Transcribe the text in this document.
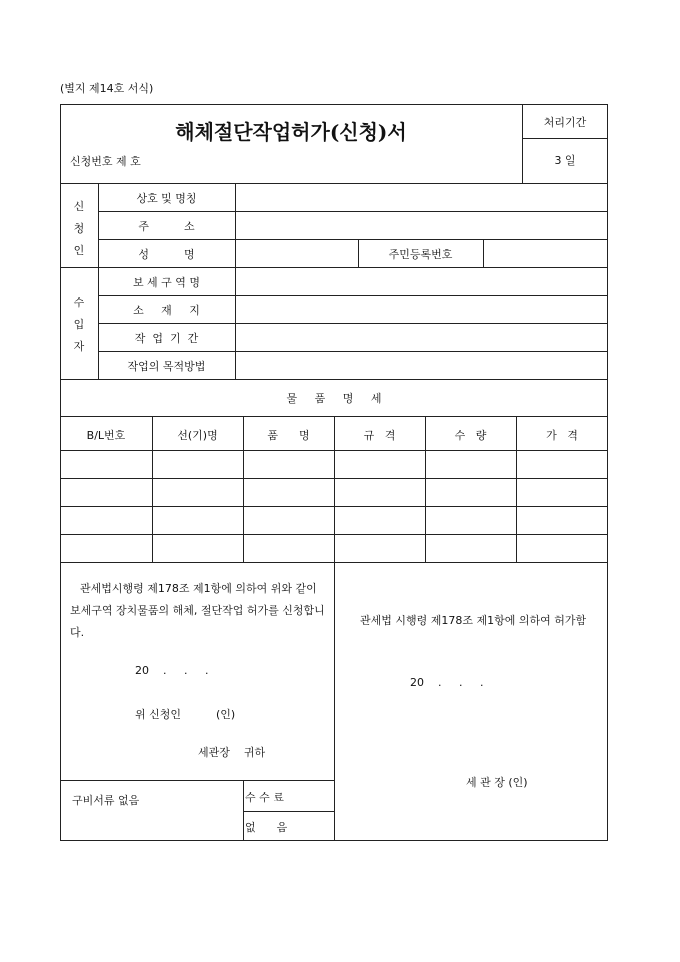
(별지 제14호 서식)
해체절단작업허가(신청)서
신청번호 제 호
처리기간
3 일
신
청
인
수
입
자
상호 및 명칭
주          소
성          명	주민등록번호
보 세 구 역 명
소     재     지
작  업  기  간
작업의 목적방법
물     품     명     세
B/L번호	선(기)명	품      명	규   격	수   량	가   격
관세법시행령 제178조 제1항에 의하여 위와 같이 보세구역 장치물품의 해체, 절단작업 허가를 신청합니다.
20    .     .     .
위 신청인          (인)
세관장    귀하
구비서류 없음	수 수 료
없      음
관세법 시행령 제178조 제1항에 의하여 허가함
20    .     .     .
세 관 장 (인)
